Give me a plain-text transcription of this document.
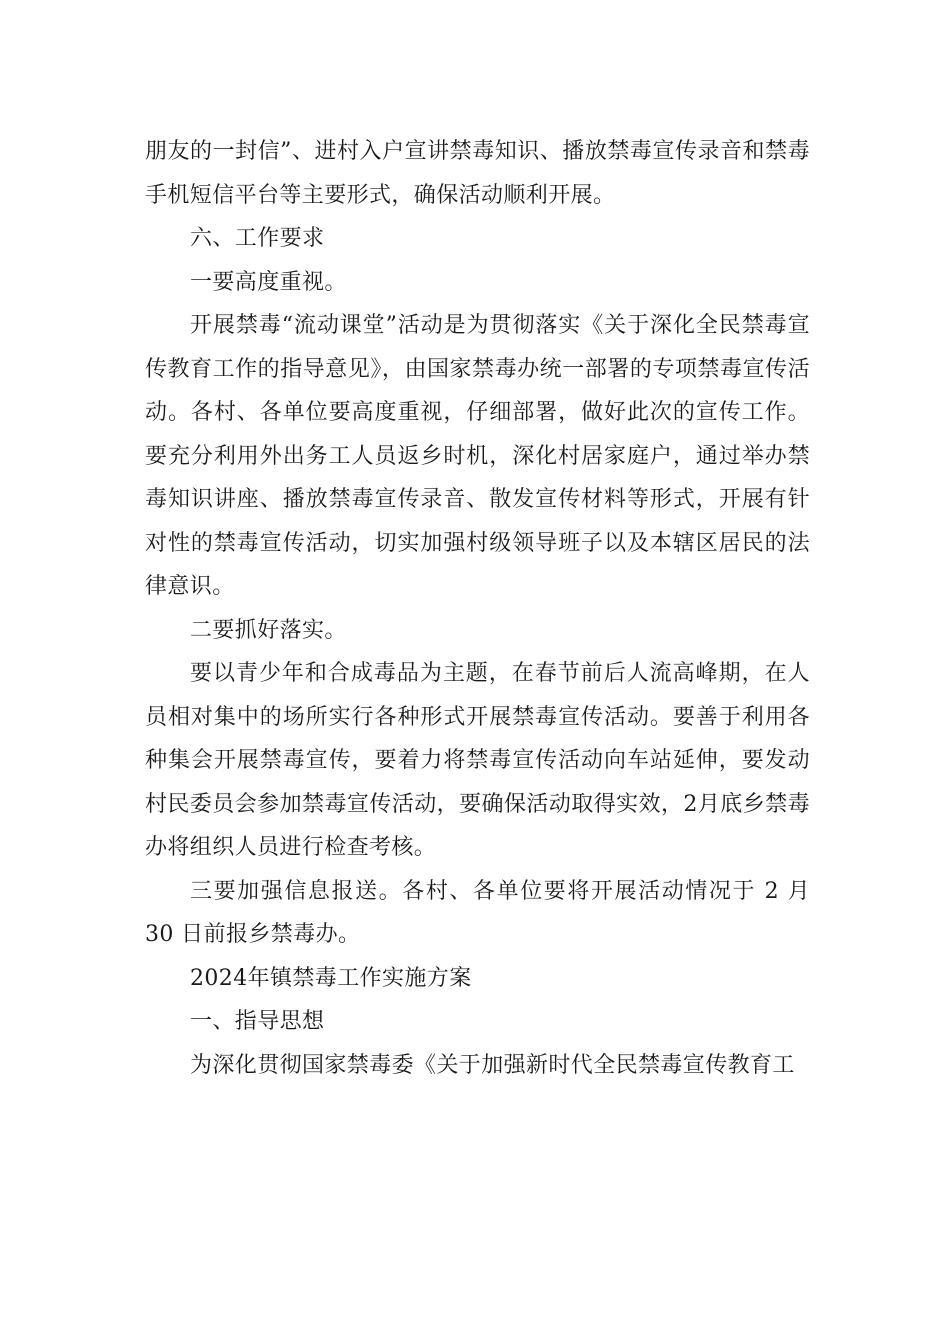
朋友的一封信”、进村入户宣讲禁毒知识、播放禁毒宣传录音和禁毒手机短信平台等主要形式，确保活动顺利开展。

六、工作要求

一要高度重视。

开展禁毒“流动课堂”活动是为贯彻落实《关于深化全民禁毒宣传教育工作的指导意见》，由国家禁毒办统一部署的专项禁毒宣传活动。各村、各单位要高度重视，仔细部署，做好此次的宣传工作。要充分利用外出务工人员返乡时机，深化村居家庭户，通过举办禁毒知识讲座、播放禁毒宣传录音、散发宣传材料等形式，开展有针对性的禁毒宣传活动，切实加强村级领导班子以及本辖区居民的法律意识。

二要抓好落实。

要以青少年和合成毒品为主题，在春节前后人流高峰期，在人员相对集中的场所实行各种形式开展禁毒宣传活动。要善于利用各种集会开展禁毒宣传，要着力将禁毒宣传活动向车站延伸，要发动村民委员会参加禁毒宣传活动，要确保活动取得实效，2月底乡禁毒办将组织人员进行检查考核。

三要加强信息报送。各村、各单位要将开展活动情况于 2 月 30 日前报乡禁毒办。

2024年镇禁毒工作实施方案

一、指导思想

为深化贯彻国家禁毒委《关于加强新时代全民禁毒宣传教育工
